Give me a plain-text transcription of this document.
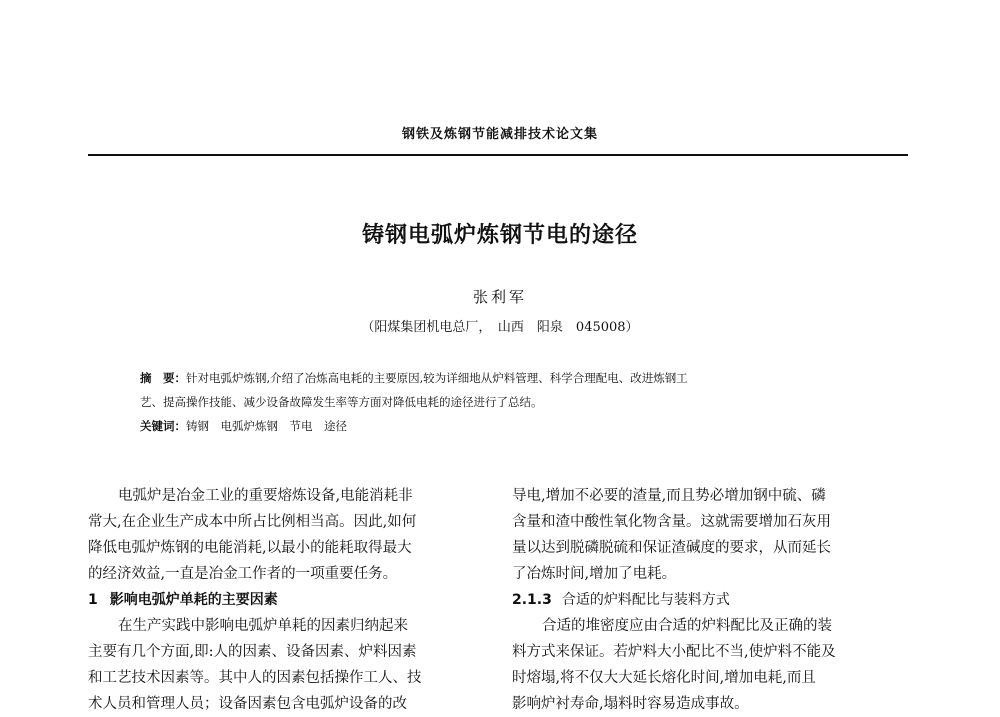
钢铁及炼钢节能减排技术论文集
铸钢电弧炉炼钢节电的途径
张利军
（阳煤集团机电总厂，　山西　阳泉　045008）
摘　要：针对电弧炉炼钢,介绍了冶炼高电耗的主要原因,较为详细地从炉料管理、科学合理配电、改进炼钢工
艺、提高操作技能、减少设备故障发生率等方面对降低电耗的途径进行了总结。
关键词：铸钢　电弧炉炼钢　节电　途径
电弧炉是冶金工业的重要熔炼设备,电能消耗非
常大,在企业生产成本中所占比例相当高。因此,如何
降低电弧炉炼钢的电能消耗,以最小的能耗取得最大
的经济效益,一直是冶金工作者的一项重要任务。
1 影响电弧炉单耗的主要因素
在生产实践中影响电弧炉单耗的因素归纳起来
主要有几个方面,即:人的因素、设备因素、炉料因素
和工艺技术因素等。其中人的因素包括操作工人、技
术人员和管理人员；设备因素包含电弧炉设备的改
导电,增加不必要的渣量,而且势必增加钢中硫、磷
含量和渣中酸性氧化物含量。这就需要增加石灰用
量以达到脱磷脱硫和保证渣碱度的要求，从而延长
了冶炼时间,增加了电耗。
2.1.3 合适的炉料配比与装料方式
合适的堆密度应由合适的炉料配比及正确的装
料方式来保证。若炉料大小配比不当,使炉料不能及
时熔塌,将不仅大大延长熔化时间,增加电耗,而且
影响炉衬寿命,塌料时容易造成事故。
